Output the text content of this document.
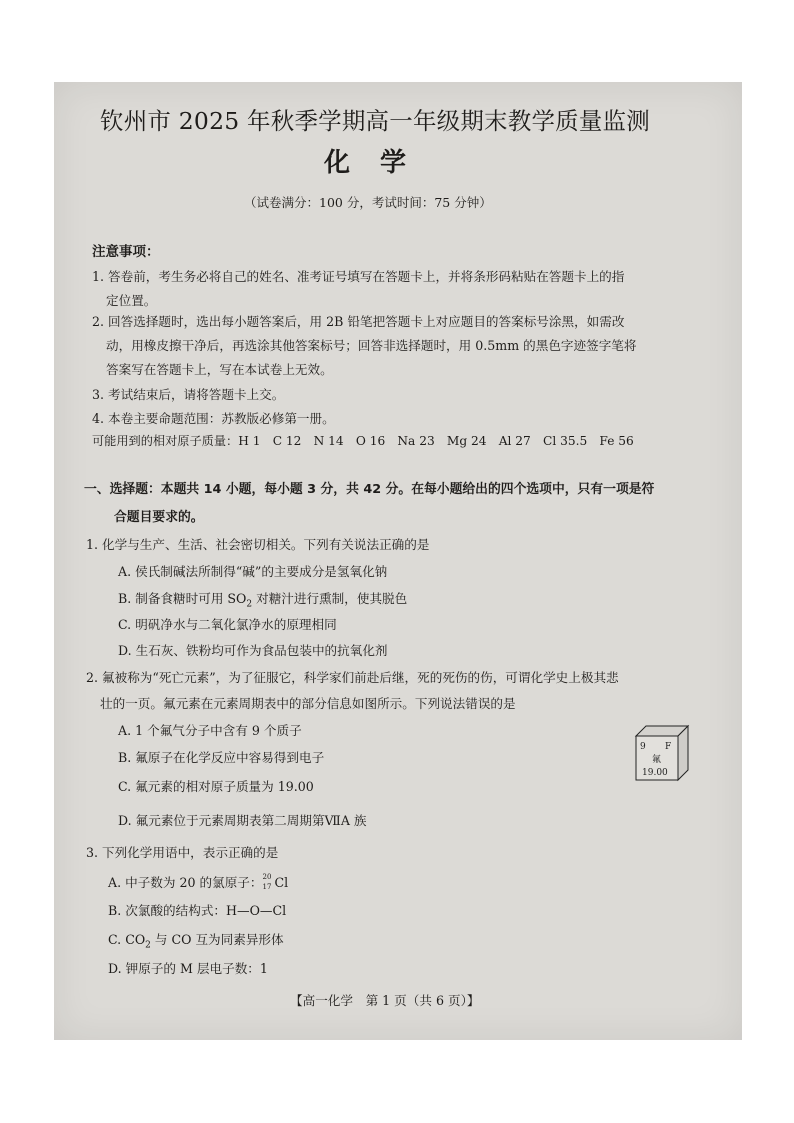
钦州市 2025 年秋季学期高一年级期末教学质量监测
化学
（试卷满分：100 分，考试时间：75 分钟）
注意事项：
1. 答卷前，考生务必将自己的姓名、准考证号填写在答题卡上，并将条形码粘贴在答题卡上的指
定位置。
2. 回答选择题时，选出每小题答案后，用 2B 铅笔把答题卡上对应题目的答案标号涂黑，如需改
动，用橡皮擦干净后，再选涂其他答案标号；回答非选择题时，用 0.5mm 的黑色字迹签字笔将
答案写在答题卡上，写在本试卷上无效。
3. 考试结束后，请将答题卡上交。
4. 本卷主要命题范围：苏教版必修第一册。
可能用到的相对原子质量：H 1　C 12　N 14　O 16　Na 23　Mg 24　Al 27　Cl 35.5　Fe 56
一、选择题：本题共 14 小题，每小题 3 分，共 42 分。在每小题给出的四个选项中，只有一项是符
合题目要求的。
1. 化学与生产、生活、社会密切相关。下列有关说法正确的是
A. 侯氏制碱法所制得“碱”的主要成分是氢氧化钠
B. 制备食糖时可用 $SO_2$ 对糖汁进行熏制，使其脱色
C. 明矾净水与二氧化氯净水的原理相同
D. 生石灰、铁粉均可作为食品包装中的抗氧化剂
2. 氟被称为“死亡元素”，为了征服它，科学家们前赴后继，死的死伤的伤，可谓化学史上极其悲
壮的一页。氟元素在元素周期表中的部分信息如图所示。下列说法错误的是
A. 1 个氟气分子中含有 9 个质子
B. 氟原子在化学反应中容易得到电子
C. 氟元素的相对原子质量为 19.00
D. 氟元素位于元素周期表第二周期第ⅦA 族
9 F
氟
19.00
3. 下列化学用语中，表示正确的是
A. 中子数为 20 的氯原子： 20
17 Cl
B. 次氯酸的结构式：H—O—Cl
C. $CO_2$ 与 CO 互为同素异形体
D. 钾原子的 M 层电子数：1
【高一化学　第 1 页（共 6 页）】
